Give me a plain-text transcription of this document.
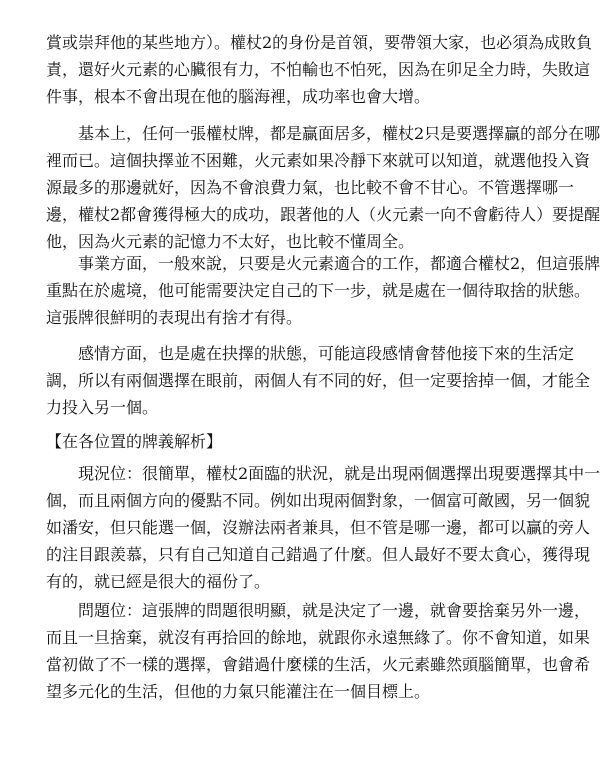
賞或崇拜他的某些地方）。權杖2的身份是首領，要帶領大家，也必須為成敗負
責，還好火元素的心臟很有力，不怕輸也不怕死，因為在卯足全力時，失敗這
件事，根本不會出現在他的腦海裡，成功率也會大增。

　　基本上，任何一張權杖牌，都是贏面居多，權杖2只是要選擇贏的部分在哪
裡而已。這個抉擇並不困難，火元素如果冷靜下來就可以知道，就選他投入資
源最多的那邊就好，因為不會浪費力氣，也比較不會不甘心。不管選擇哪一
邊，權杖2都會獲得極大的成功，跟著他的人（火元素一向不會虧待人）要提醒
他，因為火元素的記憶力不太好，也比較不懂周全。

　　事業方面，一般來說，只要是火元素適合的工作，都適合權杖2，但這張牌
重點在於處境，他可能需要決定自己的下一步，就是處在一個待取捨的狀態。
這張牌很鮮明的表現出有捨才有得。

　　感情方面，也是處在抉擇的狀態，可能這段感情會替他接下來的生活定
調，所以有兩個選擇在眼前，兩個人有不同的好，但一定要捨掉一個，才能全
力投入另一個。

【在各位置的牌義解析】

　　現況位：很簡單，權杖2面臨的狀況，就是出現兩個選擇出現要選擇其中一
個，而且兩個方向的優點不同。例如出現兩個對象，一個富可敵國，另一個貌
如潘安，但只能選一個，沒辦法兩者兼具，但不管是哪一邊，都可以贏的旁人
的注目跟羨慕，只有自己知道自己錯過了什麼。但人最好不要太貪心，獲得現
有的，就已經是很大的福份了。

　　問題位：這張牌的問題很明顯，就是決定了一邊，就會要捨棄另外一邊，
而且一旦捨棄，就沒有再拾回的餘地，就跟你永遠無緣了。你不會知道，如果
當初做了不一樣的選擇，會錯過什麼樣的生活，火元素雖然頭腦簡單，也會希
望多元化的生活，但他的力氣只能灌注在一個目標上。
